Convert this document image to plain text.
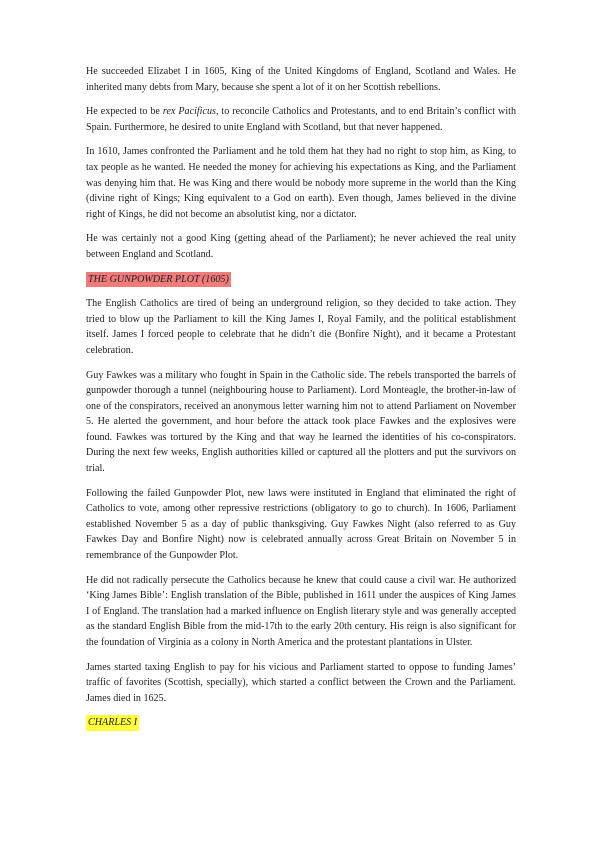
He succeeded Elizabet I in 1605, King of the United Kingdoms of England, Scotland and Wales. He inherited many debts from Mary, because she spent a lot of it on her Scottish rebellions.

He expected to be rex Pacificus, to reconcile Catholics and Protestants, and to end Britain’s conflict with Spain. Furthermore, he desired to unite England with Scotland, but that never happened.

In 1610, James confronted the Parliament and he told them hat they had no right to stop him, as King, to tax people as he wanted. He needed the money for achieving his expectations as King, and the Parliament was denying him that. He was King and there would be nobody more supreme in the world than the King (divine right of Kings; King equivalent to a God on earth). Even though, James believed in the divine right of Kings, he did not become an absolutist king, nor a dictator.

He was certainly not a good King (getting ahead of the Parliament); he never achieved the real unity between England and Scotland.

THE GUNPOWDER PLOT (1605)

The English Catholics are tired of being an underground religion, so they decided to take action. They tried to blow up the Parliament to kill the King James I, Royal Family, and the political establishment itself. James I forced people to celebrate that he didn’t die (Bonfire Night), and it became a Protestant celebration.

Guy Fawkes was a military who fought in Spain in the Catholic side. The rebels transported the barrels of gunpowder thorough a tunnel (neighbouring house to Parliament). Lord Monteagle, the brother-in-law of one of the conspirators, received an anonymous letter warning him not to attend Parliament on November 5. He alerted the government, and hour before the attack took place Fawkes and the explosives were found. Fawkes was tortured by the King and that way he learned the identities of his co-conspirators. During the next few weeks, English authorities killed or captured all the plotters and put the survivors on trial.

Following the failed Gunpowder Plot, new laws were instituted in England that eliminated the right of Catholics to vote, among other repressive restrictions (obligatory to go to church). In 1606, Parliament established November 5 as a day of public thanksgiving. Guy Fawkes Night (also referred to as Guy Fawkes Day and Bonfire Night) now is celebrated annually across Great Britain on November 5 in remembrance of the Gunpowder Plot.

He did not radically persecute the Catholics because he knew that could cause a civil war. He authorized ‘King James Bible’: English translation of the Bible, published in 1611 under the auspices of King James I of England. The translation had a marked influence on English literary style and was generally accepted as the standard English Bible from the mid-17th to the early 20th century. His reign is also significant for the foundation of Virginia as a colony in North America and the protestant plantations in Ulster.

James started taxing English to pay for his vicious and Parliament started to oppose to funding James’ traffic of favorites (Scottish, specially), which started a conflict between the Crown and the Parliament. James died in 1625.

CHARLES I
